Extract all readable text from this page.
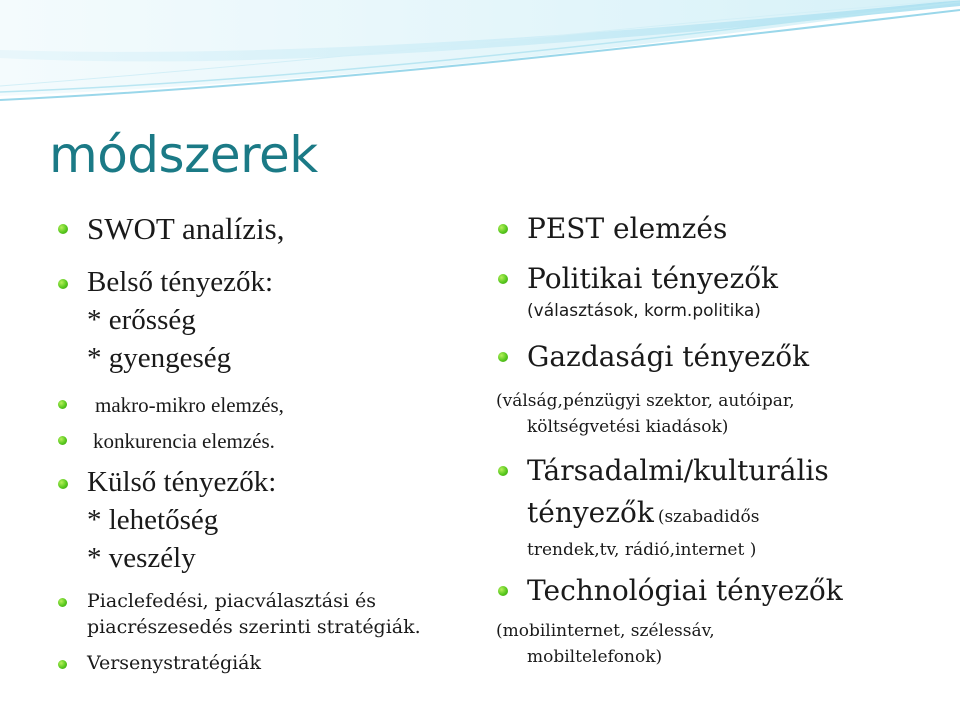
módszerek
SWOT analízis,
Belső tényezők:
* erősség
* gyengeség
makro-mikro elemzés,
konkurencia elemzés.
Külső tényezők:
* lehetőség
* veszély
Piaclefedési, piacválasztási és
piacrészesedés szerinti stratégiák.
Versenystratégiák
PEST elemzés
Politikai tényezők
(választások, korm.politika)
Gazdasági tényezők
(válság,pénzügyi szektor, autóipar,
költségvetési kiadások)
Társadalmi/kulturális
tényezők (szabadidős
trendek,tv, rádió,internet )
Technológiai tényezők
(mobilinternet, szélessáv,
mobiltelefonok)
